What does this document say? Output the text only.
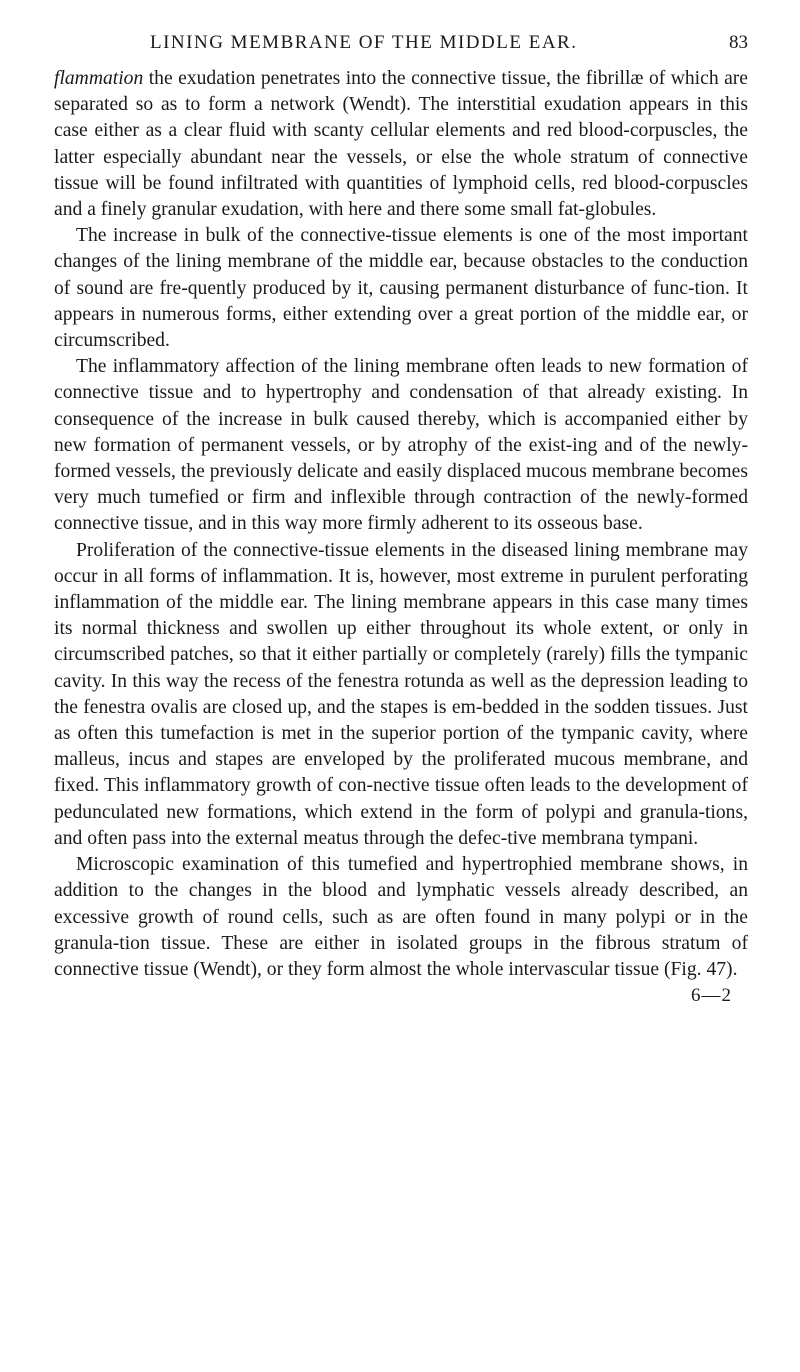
LINING MEMBRANE OF THE MIDDLE EAR.	83

flammation the exudation penetrates into the connective tissue, the fibrillæ of which are separated so as to form a network (Wendt). The interstitial exudation appears in this case either as a clear fluid with scanty cellular elements and red blood-corpuscles, the latter especially abundant near the vessels, or else the whole stratum of connective tissue will be found infiltrated with quantities of lymphoid cells, red blood-corpuscles and a finely granular exudation, with here and there some small fat-globules.

The increase in bulk of the connective-tissue elements is one of the most important changes of the lining membrane of the middle ear, because obstacles to the conduction of sound are fre-quently produced by it, causing permanent disturbance of func-tion. It appears in numerous forms, either extending over a great portion of the middle ear, or circumscribed.

The inflammatory affection of the lining membrane often leads to new formation of connective tissue and to hypertrophy and condensation of that already existing. In consequence of the increase in bulk caused thereby, which is accompanied either by new formation of permanent vessels, or by atrophy of the exist-ing and of the newly-formed vessels, the previously delicate and easily displaced mucous membrane becomes very much tumefied or firm and inflexible through contraction of the newly-formed connective tissue, and in this way more firmly adherent to its osseous base.

Proliferation of the connective-tissue elements in the diseased lining membrane may occur in all forms of inflammation. It is, however, most extreme in purulent perforating inflammation of the middle ear. The lining membrane appears in this case many times its normal thickness and swollen up either throughout its whole extent, or only in circumscribed patches, so that it either partially or completely (rarely) fills the tympanic cavity. In this way the recess of the fenestra rotunda as well as the depression leading to the fenestra ovalis are closed up, and the stapes is em-bedded in the sodden tissues. Just as often this tumefaction is met in the superior portion of the tympanic cavity, where malleus, incus and stapes are enveloped by the proliferated mucous membrane, and fixed. This inflammatory growth of con-nective tissue often leads to the development of pedunculated new formations, which extend in the form of polypi and granula-tions, and often pass into the external meatus through the defec-tive membrana tympani.

Microscopic examination of this tumefied and hypertrophied membrane shows, in addition to the changes in the blood and lymphatic vessels already described, an excessive growth of round cells, such as are often found in many polypi or in the granula-tion tissue. These are either in isolated groups in the fibrous stratum of connective tissue (Wendt), or they form almost the whole intervascular tissue (Fig. 47).

6—2
